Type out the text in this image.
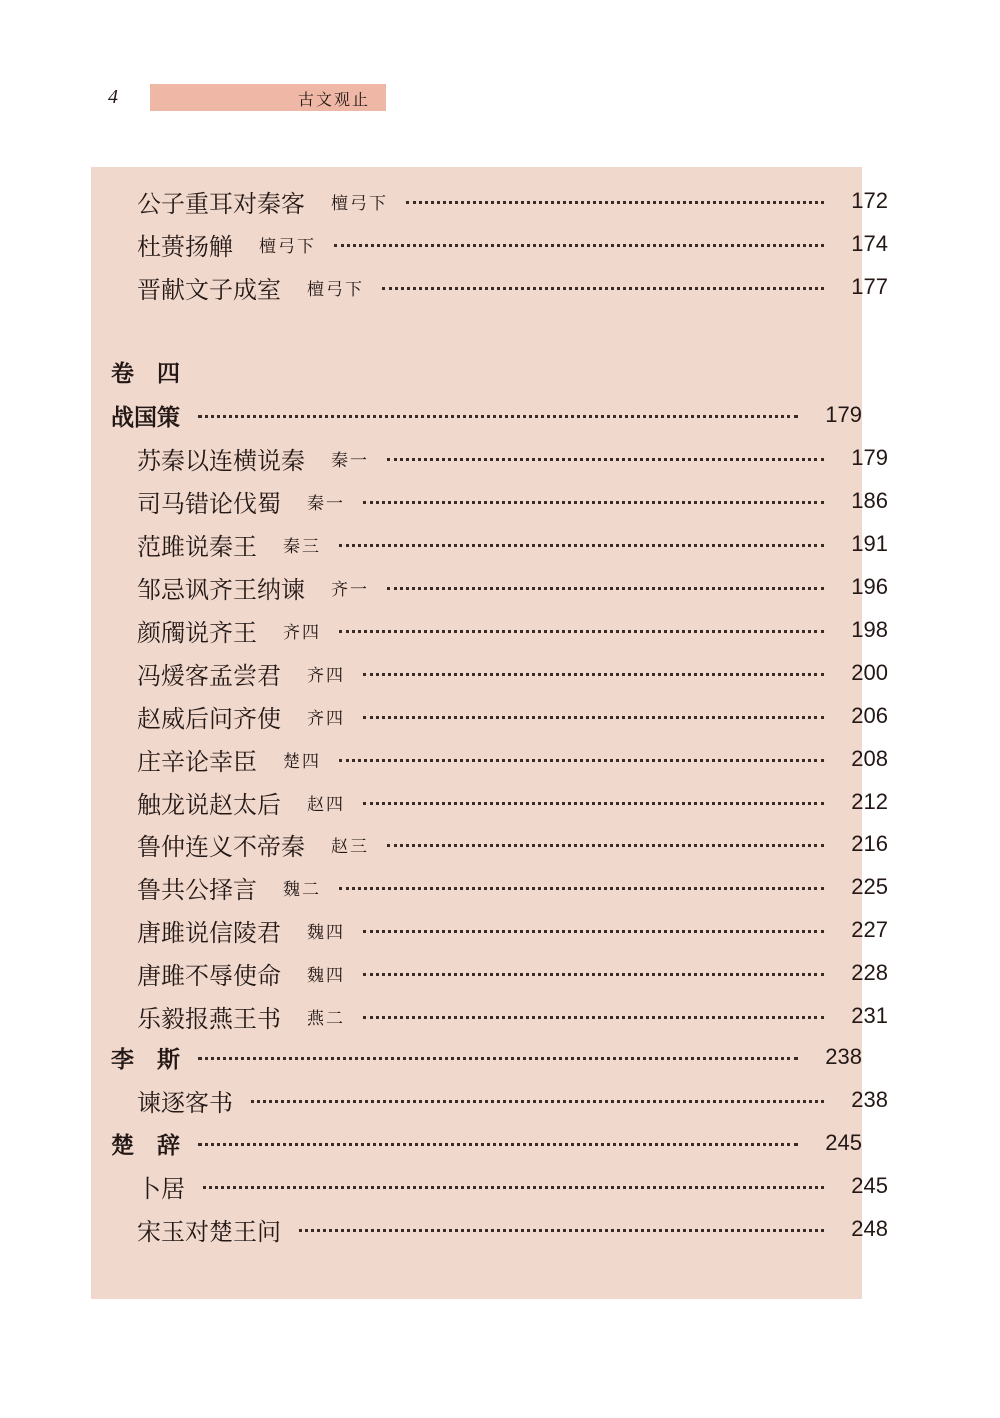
4	古文观止
公子重耳对秦客 檀弓下	172
杜蒉扬觯 檀弓下	174
晋献文子成室 檀弓下	177
卷　四
战国策	179
苏秦以连横说秦 秦一	179
司马错论伐蜀 秦一	186
范雎说秦王 秦三	191
邹忌讽齐王纳谏 齐一	196
颜斶说齐王 齐四	198
冯煖客孟尝君 齐四	200
赵威后问齐使 齐四	206
庄辛论幸臣 楚四	208
触龙说赵太后 赵四	212
鲁仲连义不帝秦 赵三	216
鲁共公择言 魏二	225
唐雎说信陵君 魏四	227
唐雎不辱使命 魏四	228
乐毅报燕王书 燕二	231
李　斯	238
谏逐客书	238
楚　辞	245
卜居	245
宋玉对楚王问	248
